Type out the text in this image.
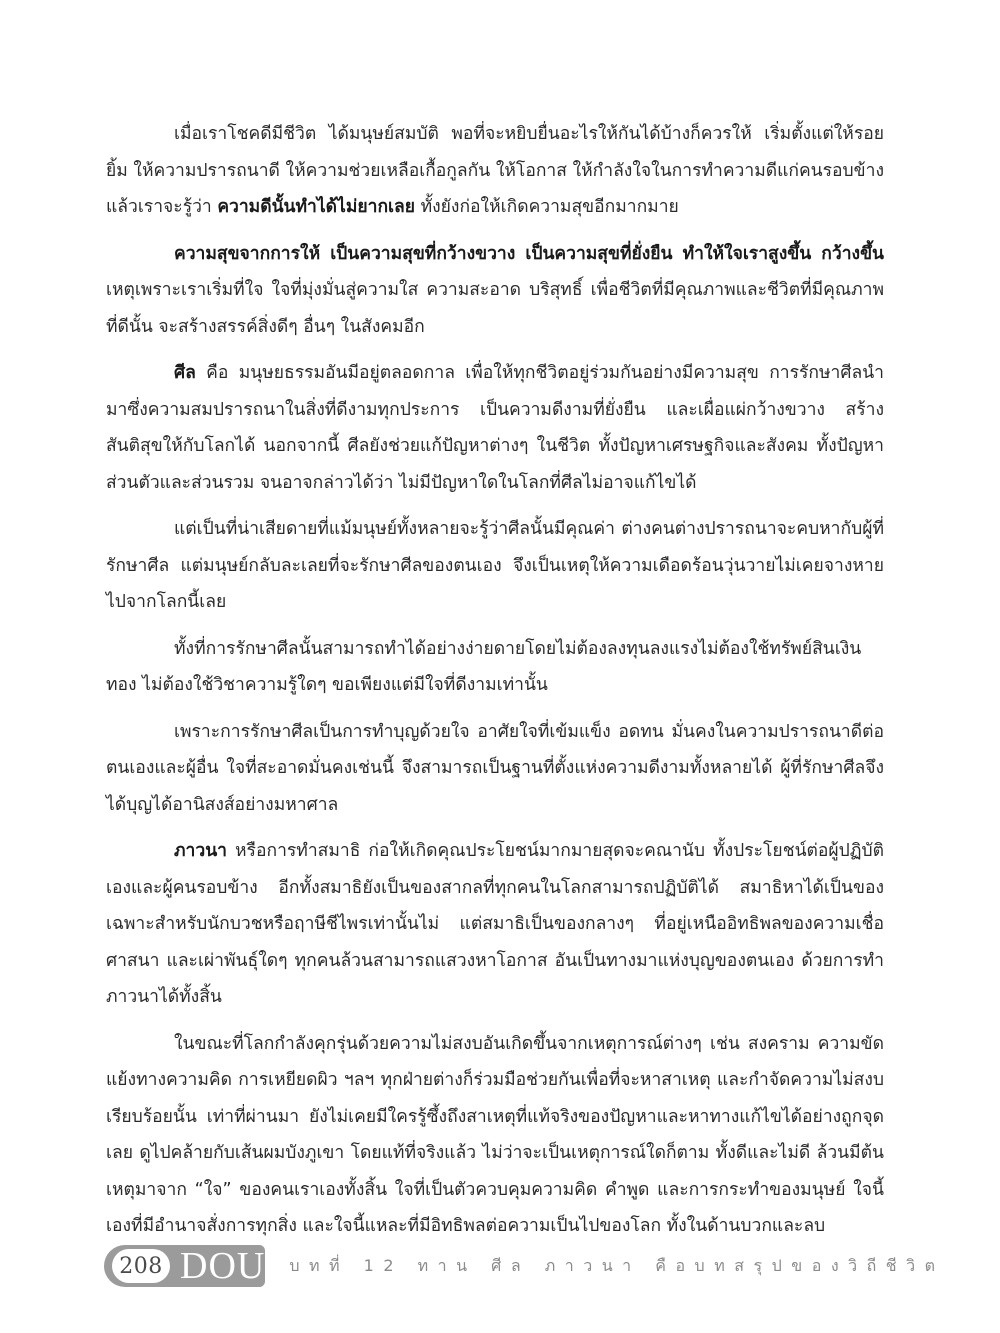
เมื่อเราโชคดีมีชีวิต ได้มนุษย์สมบัติ พอที่จะหยิบยื่นอะไรให้กันได้บ้างก็ควรให้ เริ่มตั้งแต่ให้รอยยิ้ม ให้ความปรารถนาดี ให้ความช่วยเหลือเกื้อกูลกัน ให้โอกาส ให้กำลังใจในการทำความดีแก่คนรอบข้าง แล้วเราจะรู้ว่า ความดีนั้นทำได้ไม่ยากเลย ทั้งยังก่อให้เกิดความสุขอีกมากมาย

ความสุขจากการให้ เป็นความสุขที่กว้างขวาง เป็นความสุขที่ยั่งยืน ทำให้ใจเราสูงขึ้น กว้างขึ้น เหตุเพราะเราเริ่มที่ใจ ใจที่มุ่งมั่นสู่ความใส ความสะอาด บริสุทธิ์ เพื่อชีวิตที่มีคุณภาพและชีวิตที่มีคุณภาพที่ดีนั้น จะสร้างสรรค์สิ่งดีๆ อื่นๆ ในสังคมอีก

ศีล คือ มนุษยธรรมอันมีอยู่ตลอดกาล เพื่อให้ทุกชีวิตอยู่ร่วมกันอย่างมีความสุข การรักษาศีลนำมาซึ่งความสมปรารถนาในสิ่งที่ดีงามทุกประการ เป็นความดีงามที่ยั่งยืน และเผื่อแผ่กว้างขวาง สร้างสันติสุขให้กับโลกได้ นอกจากนี้ ศีลยังช่วยแก้ปัญหาต่างๆ ในชีวิต ทั้งปัญหาเศรษฐกิจและสังคม ทั้งปัญหาส่วนตัวและส่วนรวม จนอาจกล่าวได้ว่า ไม่มีปัญหาใดในโลกที่ศีลไม่อาจแก้ไขได้

แต่เป็นที่น่าเสียดายที่แม้มนุษย์ทั้งหลายจะรู้ว่าศีลนั้นมีคุณค่า ต่างคนต่างปรารถนาจะคบหากับผู้ที่รักษาศีล แต่มนุษย์กลับละเลยที่จะรักษาศีลของตนเอง จึงเป็นเหตุให้ความเดือดร้อนวุ่นวายไม่เคยจางหายไปจากโลกนี้เลย

ทั้งที่การรักษาศีลนั้นสามารถทำได้อย่างง่ายดายโดยไม่ต้องลงทุนลงแรงไม่ต้องใช้ทรัพย์สินเงินทอง ไม่ต้องใช้วิชาความรู้ใดๆ ขอเพียงแต่มีใจที่ดีงามเท่านั้น

เพราะการรักษาศีลเป็นการทำบุญด้วยใจ อาศัยใจที่เข้มแข็ง อดทน มั่นคงในความปรารถนาดีต่อตนเองและผู้อื่น ใจที่สะอาดมั่นคงเช่นนี้ จึงสามารถเป็นฐานที่ตั้งแห่งความดีงามทั้งหลายได้ ผู้ที่รักษาศีลจึงได้บุญได้อานิสงส์อย่างมหาศาล

ภาวนา หรือการทำสมาธิ ก่อให้เกิดคุณประโยชน์มากมายสุดจะคณานับ ทั้งประโยชน์ต่อผู้ปฏิบัติเองและผู้คนรอบข้าง อีกทั้งสมาธิยังเป็นของสากลที่ทุกคนในโลกสามารถปฏิบัติได้ สมาธิหาได้เป็นของเฉพาะสำหรับนักบวชหรือฤาษีชีไพรเท่านั้นไม่ แต่สมาธิเป็นของกลางๆ ที่อยู่เหนืออิทธิพลของความเชื่อ ศาสนา และเผ่าพันธุ์ใดๆ ทุกคนล้วนสามารถแสวงหาโอกาส อันเป็นทางมาแห่งบุญของตนเอง ด้วยการทำภาวนาได้ทั้งสิ้น

ในขณะที่โลกกำลังคุกรุ่นด้วยความไม่สงบอันเกิดขึ้นจากเหตุการณ์ต่างๆ เช่น สงคราม ความขัดแย้งทางความคิด การเหยียดผิว ฯลฯ ทุกฝ่ายต่างก็ร่วมมือช่วยกันเพื่อที่จะหาสาเหตุ และกำจัดความไม่สงบเรียบร้อยนั้น เท่าที่ผ่านมา ยังไม่เคยมีใครรู้ซึ้งถึงสาเหตุที่แท้จริงของปัญหาและหาทางแก้ไขได้อย่างถูกจุดเลย ดูไปคล้ายกับเส้นผมบังภูเขา โดยแท้ที่จริงแล้ว ไม่ว่าจะเป็นเหตุการณ์ใดก็ตาม ทั้งดีและไม่ดี ล้วนมีต้นเหตุมาจาก “ใจ” ของคนเราเองทั้งสิ้น ใจที่เป็นตัวควบคุมความคิด คำพูด และการกระทำของมนุษย์ ใจนี้เองที่มีอำนาจสั่งการทุกสิ่ง และใจนี้แหละที่มีอิทธิพลต่อความเป็นไปของโลก ทั้งในด้านบวกและลบ

208 DOU บทที่ 12 ทาน ศีล ภาวนา คือบทสรุปของวิถีชีวิต
